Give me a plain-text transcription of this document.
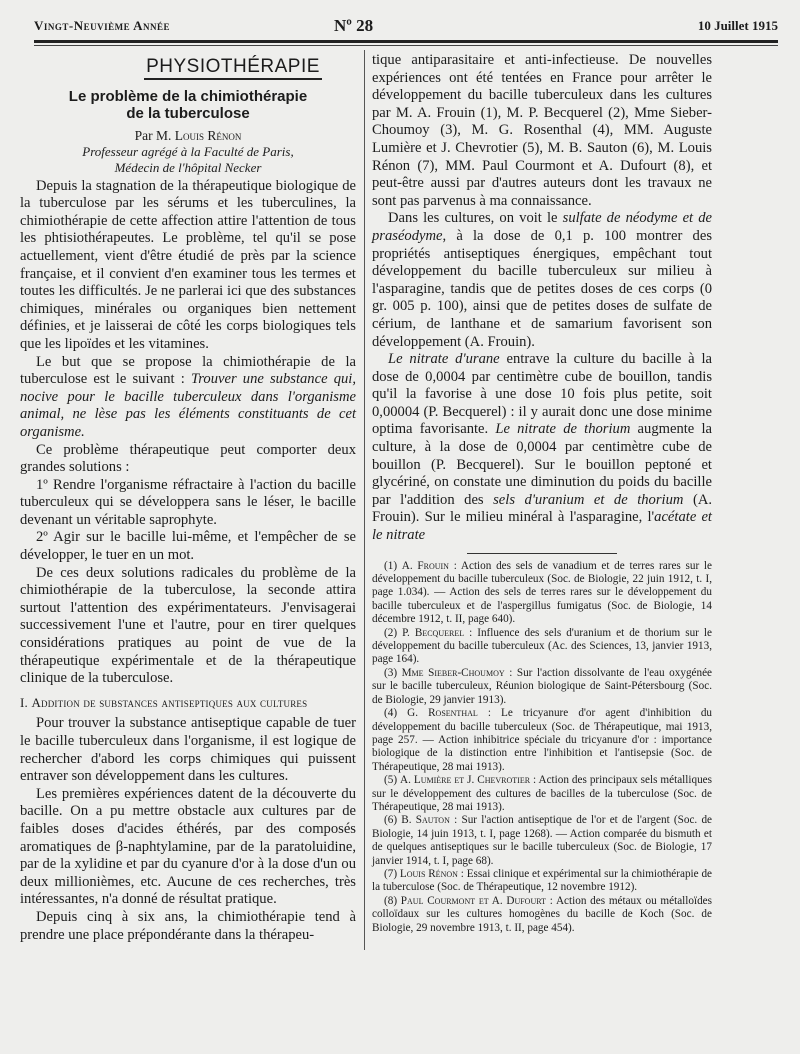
Vingt-Neuvième Année	Nº 28	10 Juillet 1915
PHYSIOTHÉRAPIE
Le problème de la chimiothérapie
de la tuberculose
Par M. Louis Rénon
Professeur agrégé à la Faculté de Paris,
Médecin de l'hôpital Necker

Depuis la stagnation de la thérapeutique biologique de la tuberculose par les sérums et les tuberculines, la chimiothérapie de cette affection attire l'attention de tous les phtisiothérapeutes. Le problème, tel qu'il se pose actuellement, vient d'être étudié de près par la science française, et il convient d'en examiner tous les termes et toutes les difficultés. Je ne parlerai ici que des substances chimiques, minérales ou organiques bien nettement définies, et je laisserai de côté les corps biologiques tels que les lipoïdes et les vitamines.

Le but que se propose la chimiothérapie de la tuberculose est le suivant : Trouver une substance qui, nocive pour le bacille tuberculeux dans l'organisme animal, ne lèse pas les éléments constituants de cet organisme.

Ce problème thérapeutique peut comporter deux grandes solutions :

1º Rendre l'organisme réfractaire à l'action du bacille tuberculeux qui se développera sans le léser, le bacille devenant un véritable saprophyte.

2º Agir sur le bacille lui-même, et l'empêcher de se développer, le tuer en un mot.

De ces deux solutions radicales du problème de la chimiothérapie de la tuberculose, la seconde attira surtout l'attention des expérimentateurs. J'envisagerai successivement l'une et l'autre, pour en tirer quelques considérations pratiques au point de vue de la thérapeutique expérimentale et de la thérapeutique clinique de la tuberculose.

I. Addition de substances antiseptiques aux cultures

Pour trouver la substance antiseptique capable de tuer le bacille tuberculeux dans l'organisme, il est logique de rechercher d'abord les corps chimiques qui puissent entraver son développement dans les cultures.

Les premières expériences datent de la découverte du bacille. On a pu mettre obstacle aux cultures par de faibles doses d'acides éthérés, par des composés aromatiques de β-naphtylamine, par de la paratoluidine, par de la xylidine et par du cyanure d'or à la dose d'un ou deux millionièmes, etc. Aucune de ces recherches, très intéressantes, n'a donné de résultat pratique.

Depuis cinq à six ans, la chimiothérapie tend à prendre une place prépondérante dans la thérapeu-

tique antiparasitaire et anti-infectieuse. De nouvelles expériences ont été tentées en France pour arrêter le développement du bacille tuberculeux dans les cultures par M. A. Frouin (1), M. P. Becquerel (2), Mme Sieber-Choumoy (3), M. G. Rosenthal (4), MM. Auguste Lumière et J. Chevrotier (5), M. B. Sauton (6), M. Louis Rénon (7), MM. Paul Courmont et A. Dufourt (8), et peut-être aussi par d'autres auteurs dont les travaux ne sont pas parvenus à ma connaissance.

Dans les cultures, on voit le sulfate de néodyme et de praséodyme, à la dose de 0,1 p. 100 montrer des propriétés antiseptiques énergiques, empêchant tout développement du bacille tuberculeux sur milieu à l'asparagine, tandis que de petites doses de ces corps (0 gr. 005 p. 100), ainsi que de petites doses de sulfate de cérium, de lanthane et de samarium favorisent son développement (A. Frouin).

Le nitrate d'urane entrave la culture du bacille à la dose de 0,0004 par centimètre cube de bouillon, tandis qu'il la favorise à une dose 10 fois plus petite, soit 0,00004 (P. Becquerel) : il y aurait donc une dose minime optima favorisante. Le nitrate de thorium augmente la culture, à la dose de 0,0004 par centimètre cube de bouillon (P. Becquerel). Sur le bouillon peptoné et glycériné, on constate une diminution du poids du bacille par l'addition des sels d'uranium et de thorium (A. Frouin). Sur le milieu minéral à l'asparagine, l'acétate et le nitrate

(1) A. Frouin : Action des sels de vanadium et de terres rares sur le développement du bacille tuberculeux (Soc. de Biologie, 22 juin 1912, t. I, page 1.034). — Action des sels de terres rares sur le développement du bacille tuberculeux et de l'aspergillus fumigatus (Soc. de Biologie, 14 décembre 1912, t. II, page 640).

(2) P. Becquerel : Influence des sels d'uranium et de thorium sur le développement du bacille tuberculeux (Ac. des Sciences, 13, janvier 1913, page 164).

(3) Mme Sieber-Choumoy : Sur l'action dissolvante de l'eau oxygénée sur le bacille tuberculeux, Réunion biologique de Saint-Pétersbourg (Soc. de Biologie, 29 janvier 1913).

(4) G. Rosenthal : Le tricyanure d'or agent d'inhibition du développement du bacille tuberculeux (Soc. de Thérapeutique, mai 1913, page 257. — Action inhibitrice spéciale du tricyanure d'or : importance biologique de la distinction entre l'inhibition et l'antisepsie (Soc. de Thérapeutique, 28 mai 1913).

(5) A. Lumière et J. Chevrotier : Action des principaux sels métalliques sur le développement des cultures de bacilles de la tuberculose (Soc. de Thérapeutique, 28 mai 1913).

(6) B. Sauton : Sur l'action antiseptique de l'or et de l'argent (Soc. de Biologie, 14 juin 1913, t. I, page 1268). — Action comparée du bismuth et de quelques antiseptiques sur le bacille tuberculeux (Soc. de Biologie, 17 janvier 1914, t. I, page 68).

(7) Louis Rénon : Essai clinique et expérimental sur la chimiothérapie de la tuberculose (Soc. de Thérapeutique, 12 novembre 1912).

(8) Paul Courmont et A. Dufourt : Action des métaux ou métalloïdes colloïdaux sur les cultures homogènes du bacille de Koch (Soc. de Biologie, 29 novembre 1913, t. II, page 454).
